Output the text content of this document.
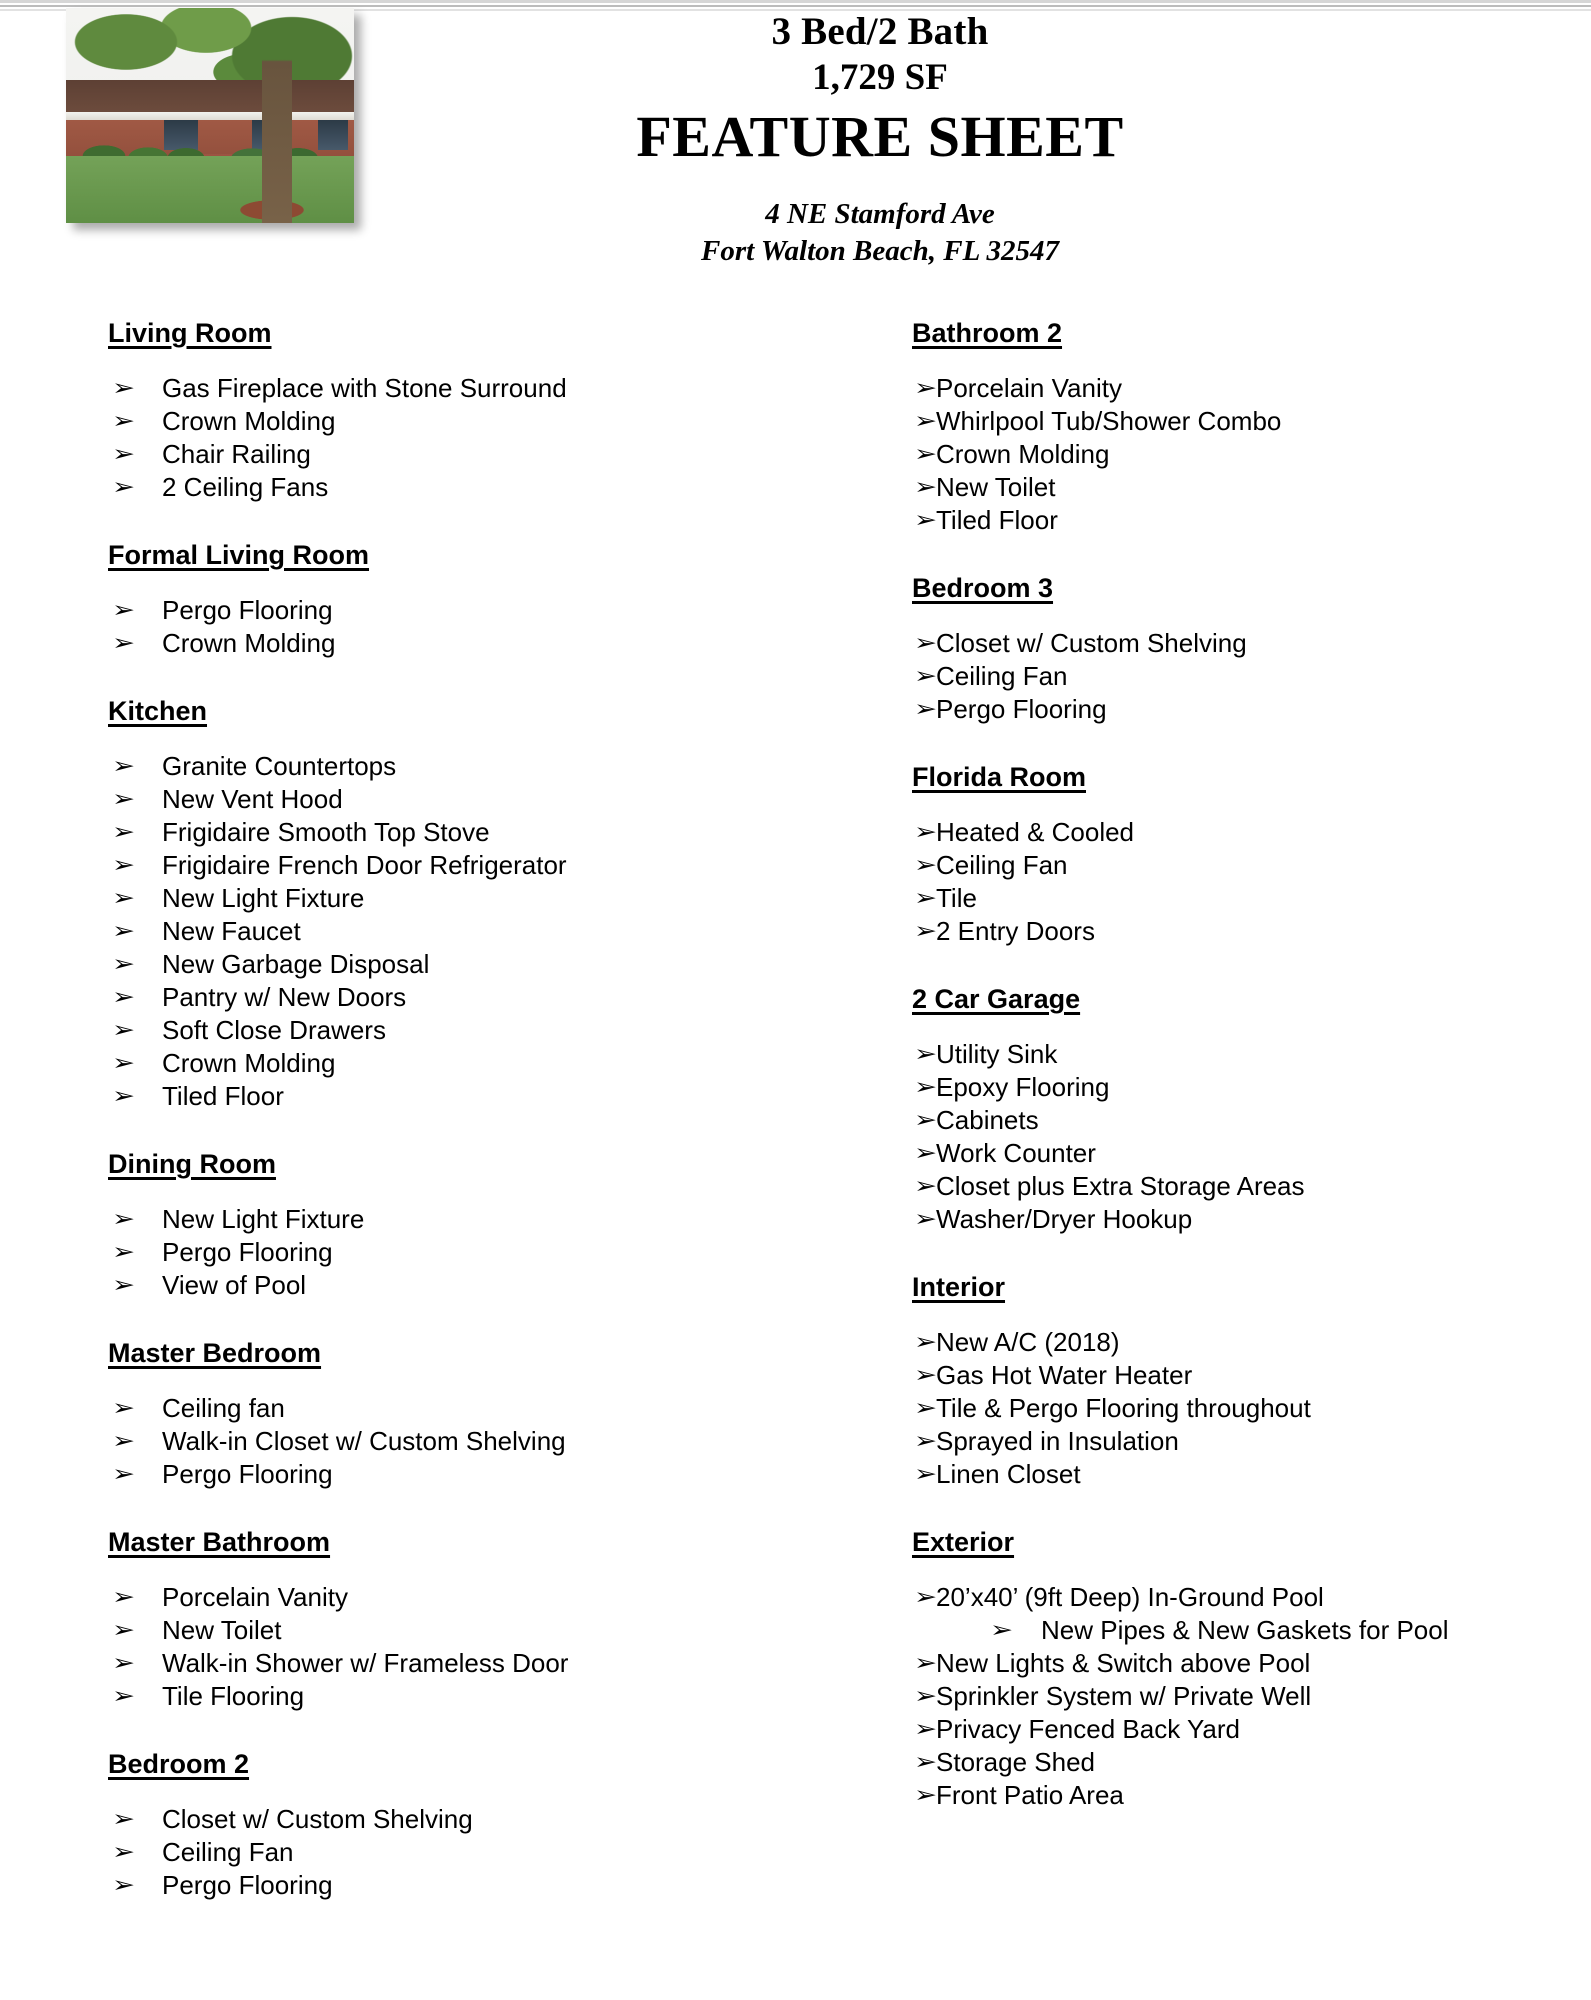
3 Bed/2 Bath
1,729 SF
FEATURE SHEET
4 NE Stamford Ave
Fort Walton Beach, FL 32547
Living Room
➢ Gas Fireplace with Stone Surround
➢ Crown Molding
➢ Chair Railing
➢ 2 Ceiling Fans
Formal Living Room
➢ Pergo Flooring
➢ Crown Molding
Kitchen
➢ Granite Countertops
➢ New Vent Hood
➢ Frigidaire Smooth Top Stove
➢ Frigidaire French Door Refrigerator
➢ New Light Fixture
➢ New Faucet
➢ New Garbage Disposal
➢ Pantry w/ New Doors
➢ Soft Close Drawers
➢ Crown Molding
➢ Tiled Floor
Dining Room
➢ New Light Fixture
➢ Pergo Flooring
➢ View of Pool
Master Bedroom
➢ Ceiling fan
➢ Walk-in Closet w/ Custom Shelving
➢ Pergo Flooring
Master Bathroom
➢ Porcelain Vanity
➢ New Toilet
➢ Walk-in Shower w/ Frameless Door
➢ Tile Flooring
Bedroom 2
➢ Closet w/ Custom Shelving
➢ Ceiling Fan
➢ Pergo Flooring
Bathroom 2
➢Porcelain Vanity
➢Whirlpool Tub/Shower Combo
➢Crown Molding
➢New Toilet
➢Tiled Floor
Bedroom 3
➢Closet w/ Custom Shelving
➢Ceiling Fan
➢Pergo Flooring
Florida Room
➢Heated & Cooled
➢Ceiling Fan
➢Tile
➢2 Entry Doors
2 Car Garage
➢Utility Sink
➢Epoxy Flooring
➢Cabinets
➢Work Counter
➢Closet plus Extra Storage Areas
➢Washer/Dryer Hookup
Interior
➢New A/C (2018)
➢Gas Hot Water Heater
➢Tile & Pergo Flooring throughout
➢Sprayed in Insulation
➢Linen Closet
Exterior
➢20’x40’ (9ft Deep) In-Ground Pool
➢ New Pipes & New Gaskets for Pool
➢New Lights & Switch above Pool
➢Sprinkler System w/ Private Well
➢Privacy Fenced Back Yard
➢Storage Shed
➢Front Patio Area
